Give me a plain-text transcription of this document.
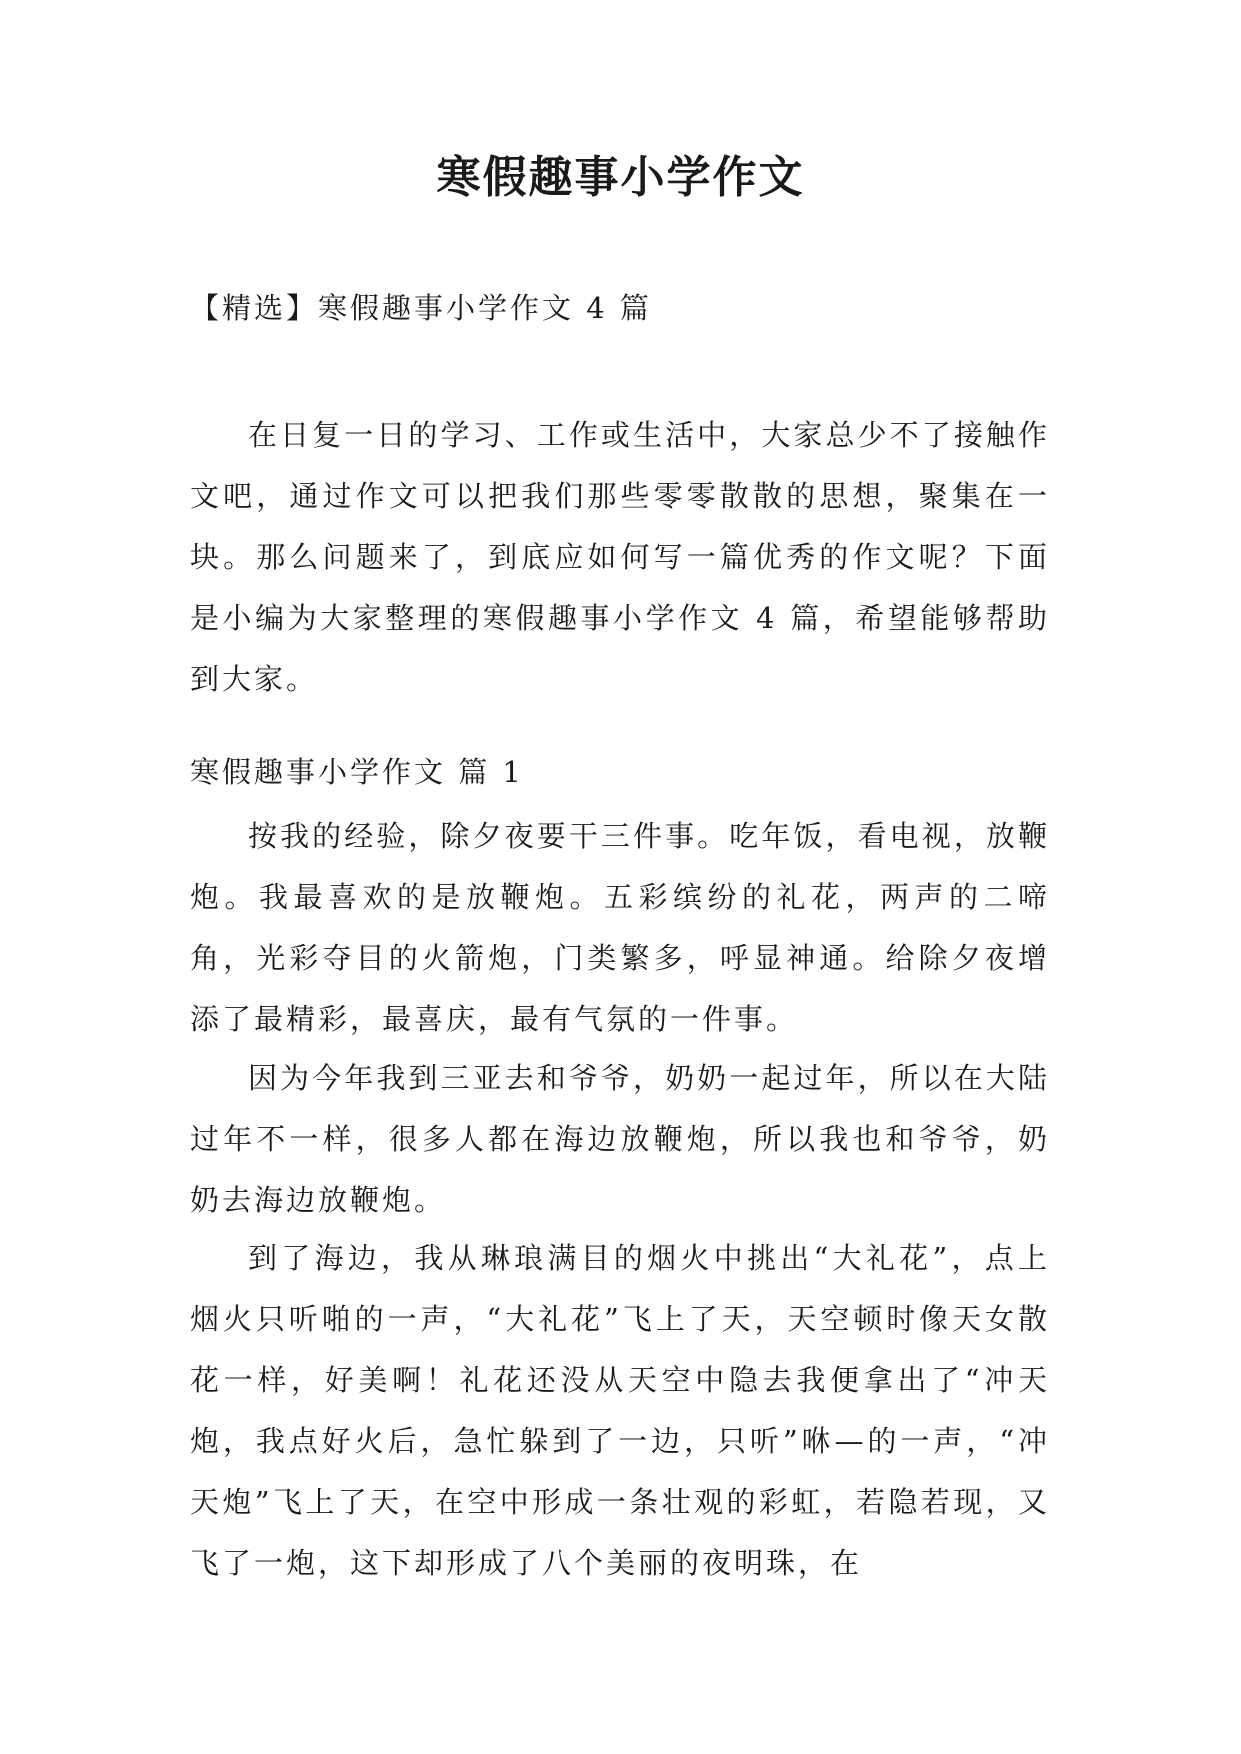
寒假趣事小学作文

【精选】寒假趣事小学作文 4 篇

在日复一日的学习、工作或生活中，大家总少不了接触作文吧，通过作文可以把我们那些零零散散的思想，聚集在一块。那么问题来了，到底应如何写一篇优秀的作文呢？下面是小编为大家整理的寒假趣事小学作文 4 篇，希望能够帮助到大家。

寒假趣事小学作文 篇 1

按我的经验，除夕夜要干三件事。吃年饭，看电视，放鞭炮。我最喜欢的是放鞭炮。五彩缤纷的礼花，两声的二啼角，光彩夺目的火箭炮，门类繁多，呼显神通。给除夕夜增添了最精彩，最喜庆，最有气氛的一件事。

因为今年我到三亚去和爷爷，奶奶一起过年，所以在大陆过年不一样，很多人都在海边放鞭炮，所以我也和爷爷，奶奶去海边放鞭炮。

到了海边，我从琳琅满目的烟火中挑出“大礼花”，点上烟火只听啪的一声，“大礼花”飞上了天，天空顿时像天女散花一样，好美啊！礼花还没从天空中隐去我便拿出了“冲天炮，我点好火后，急忙躲到了一边，只听”咻—的一声，“冲天炮”飞上了天，在空中形成一条壮观的彩虹，若隐若现，又飞了一炮，这下却形成了八个美丽的夜明珠，在
